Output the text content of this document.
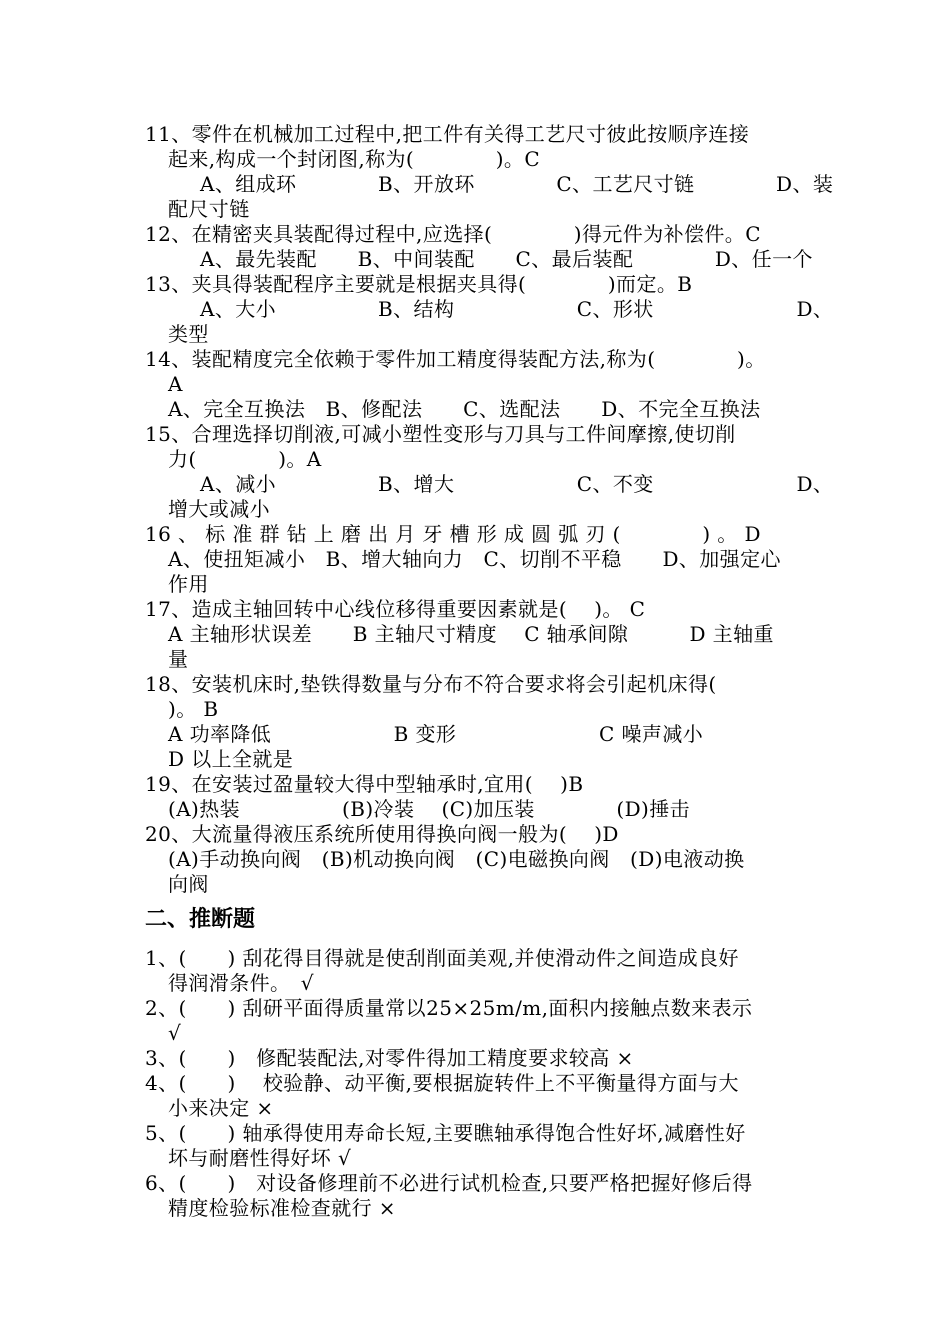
11、零件在机械加工过程中,把工件有关得工艺尺寸彼此按顺序连接
起来,构成一个封闭图,称为(　　　　)。C
A、组成环　　　　B、开放环　　　　C、工艺尺寸链　　　　D、装
配尺寸链
12、在精密夹具装配得过程中,应选择(　　　　)得元件为补偿件。C
A、最先装配　　B、中间装配　　C、最后装配　　　　D、任一个
13、夹具得装配程序主要就是根据夹具得(　　　　)而定。B
A、大小　　　　　B、结构　　　　　　C、形状　　　　　　　D、
类型
14、装配精度完全依赖于零件加工精度得装配方法,称为(　　　　)。
A
A、完全互换法　B、修配法　　C、选配法　　D、不完全互换法
15、合理选择切削液,可减小塑性变形与刀具与工件间摩擦,使切削
力(　　　　)。A
A、减小　　　　　B、增大　　　　　　C、不变　　　　　　　D、
增大或减小
16 、 标 准 群 钻 上 磨 出 月 牙 槽 形 成 圆 弧 刃 (　　　　) 。 D
A、使扭矩减小　B、增大轴向力　C、切削不平稳　　D、加强定心
作用
17、造成主轴回转中心线位移得重要因素就是(　 )。 C
A 主轴形状误差　　B 主轴尺寸精度　 C 轴承间隙　　　D 主轴重
量
18、安装机床时,垫铁得数量与分布不符合要求将会引起机床得(
)。 B
A 功率降低　　　　　　B 变形　　　　　　　C 噪声减小
D 以上全就是
19、在安装过盈量较大得中型轴承时,宜用(　 )B
(A)热装　　　　　(B)冷装　 (C)加压装　　　　(D)捶击
20、大流量得液压系统所使用得换向阀一般为(　 )D
(A)手动换向阀　(B)机动换向阀　(C)电磁换向阀　(D)电液动换
向阀
二、推断题
1、(　　) 刮花得目得就是使刮削面美观,并使滑动件之间造成良好
得润滑条件。　√
2、(　　) 刮研平面得质量常以25×25m/m,面积内接触点数来表示
√
3、(　　)　修配装配法,对零件得加工精度要求较高 ×
4、(　　)　 校验静、动平衡,要根据旋转件上不平衡量得方面与大
小来决定 ×
5、(　　) 轴承得使用寿命长短,主要瞧轴承得饱合性好坏,减磨性好
坏与耐磨性得好坏 √
6、(　　)　对设备修理前不必进行试机检查,只要严格把握好修后得
精度检验标准检查就行 ×
